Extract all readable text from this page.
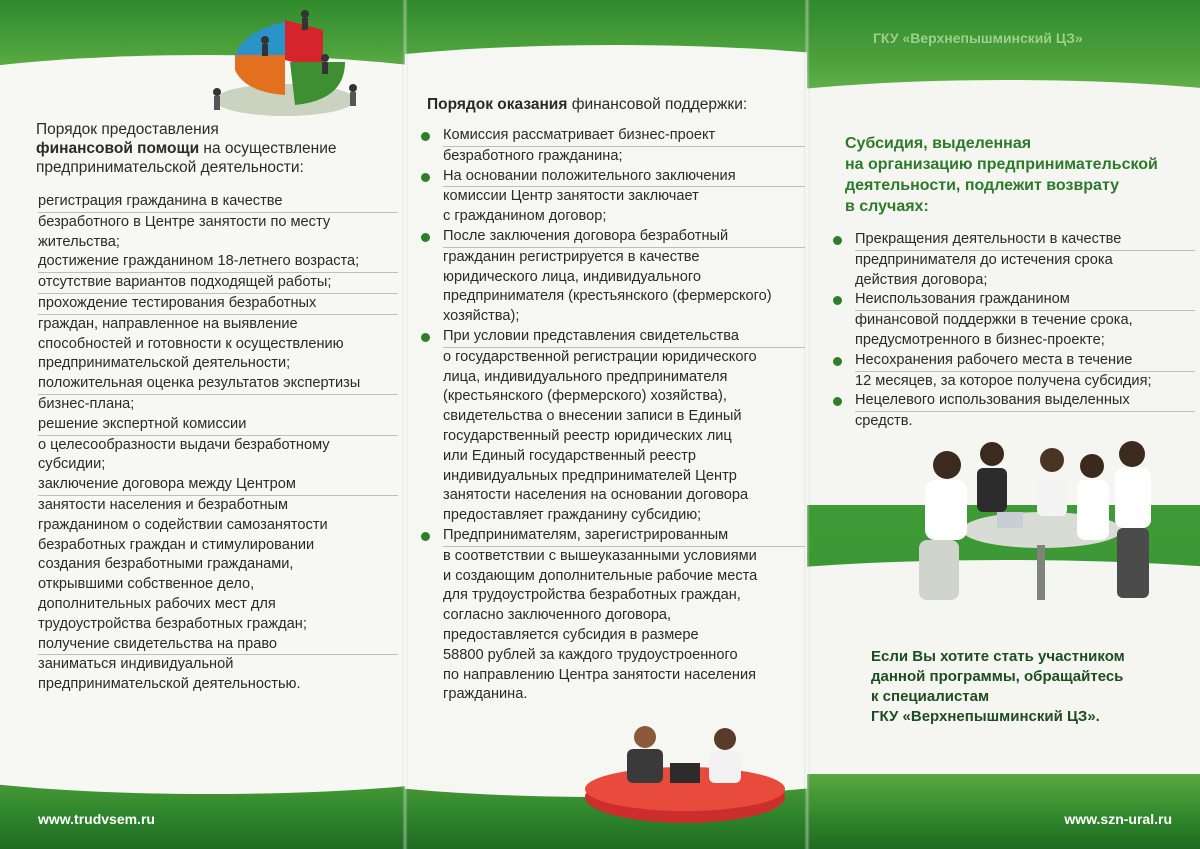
Порядок предоставления
финансовой помощи на осуществление
предпринимательской деятельности:
регистрация гражданина в качестве
безработного в Центре занятости по месту
жительства;
достижение гражданином 18-летнего возраста;
отсутствие вариантов подходящей работы;
прохождение тестирования безработных
граждан, направленное на выявление
способностей и готовности к осуществлению
предпринимательской деятельности;
положительная оценка результатов экспертизы
бизнес-плана;
решение экспертной комиссии
о целесообразности выдачи безработному
субсидии;
заключение договора между Центром
занятости населения и безработным
гражданином о содействии самозанятости
безработных граждан и стимулировании
создания безработными гражданами,
открывшими собственное дело,
дополнительных рабочих мест для
трудоустройства безработных граждан;
получение свидетельства на право
заниматься индивидуальной
предпринимательской деятельностью.
www.trudvsem.ru
Порядок оказания финансовой поддержки:
Комиссия рассматривает бизнес-проект
безработного гражданина;
На основании положительного заключения
комиссии Центр занятости заключает
с гражданином договор;
После заключения договора безработный
гражданин регистрируется в качестве
юридического лица, индивидуального
предпринимателя (крестьянского (фермерского)
хозяйства);
При условии представления свидетельства
о государственной регистрации юридического
лица, индивидуального предпринимателя
(крестьянского (фермерского) хозяйства),
свидетельства о внесении записи в Единый
государственный реестр юридических лиц
или Единый государственный реестр
индивидуальных предпринимателей Центр
занятости населения на основании договора
предоставляет гражданину субсидию;
Предпринимателям, зарегистрированным
в соответствии с вышеуказанными условиями
и создающим дополнительные рабочие места
для трудоустройства безработных граждан,
согласно заключенного договора,
предоставляется субсидия в размере
58800 рублей за каждого трудоустроенного
по направлению Центра занятости населения
гражданина.
ГКУ «Верхнепышминский ЦЗ»
Субсидия, выделенная
на организацию предпринимательской
деятельности, подлежит возврату
в случаях:
Прекращения деятельности в качестве
предпринимателя до истечения срока
действия договора;
Неиспользования гражданином
финансовой поддержки в течение срока,
предусмотренного в бизнес-проекте;
Несохранения рабочего места в течение
12 месяцев, за которое получена субсидия;
Нецелевого использования выделенных
средств.
Если Вы хотите стать участником
данной программы, обращайтесь
к специалистам
ГКУ «Верхнепышминский ЦЗ».
www.szn-ural.ru
